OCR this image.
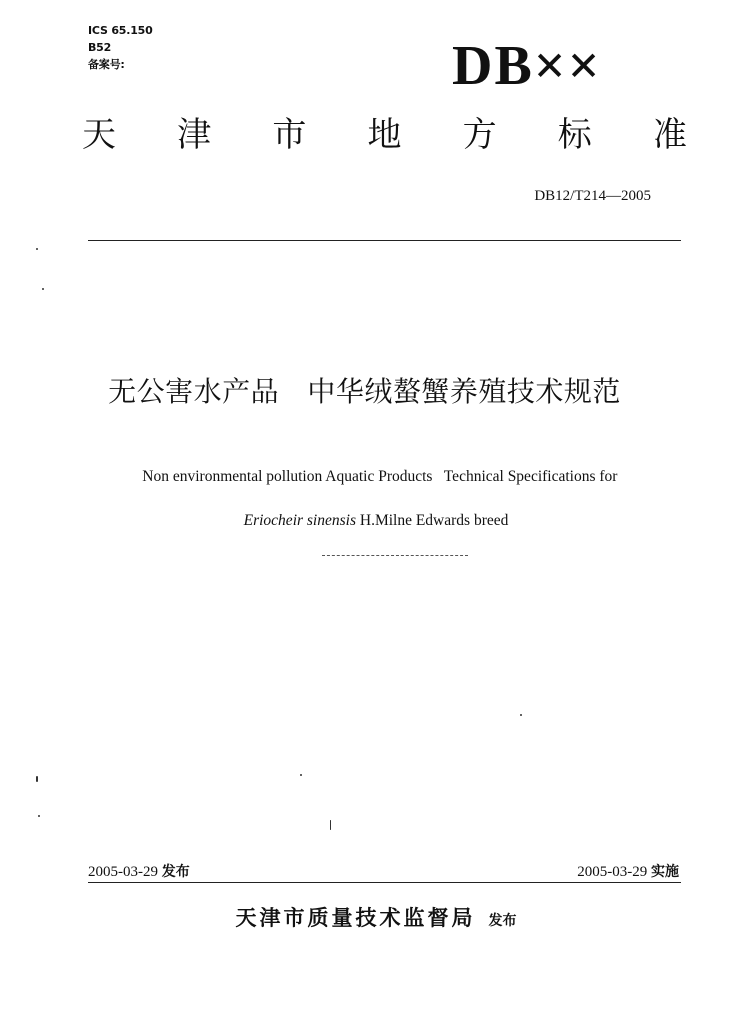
ICS 65.150
B52
备案号:	DB××
天 津 市 地 方 标 准
DB12/T214—2005
无公害水产品   中华绒螯蟹养殖技术规范

Non environmental pollution Aquatic Products   Technical Specifications for

Eriocheir sinensis H.Milne Edwards breed

2005-03-29 发布	2005-03-29 实施
天津市质量技术监督局 发布
